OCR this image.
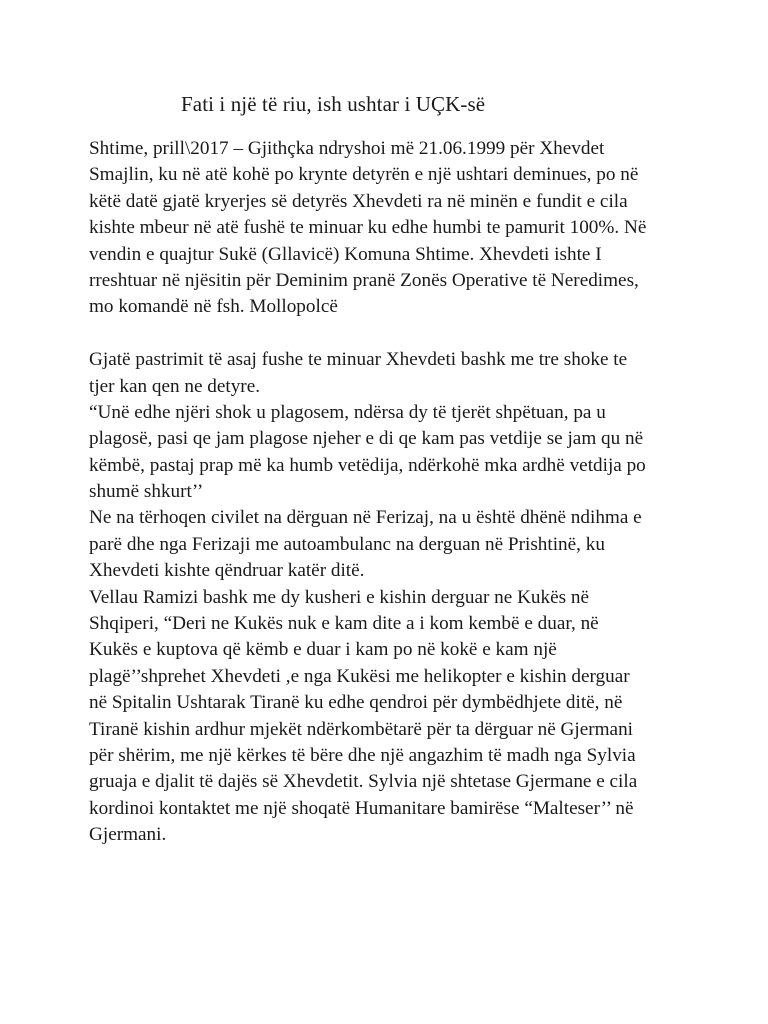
Fati i një të riu, ish ushtar i UÇK-së
Shtime, prill\2017 – Gjithçka ndryshoi më 21.06.1999 për Xhevdet
Smajlin, ku në atë kohë po krynte detyrën e një ushtari deminues, po në
këtë datë gjatë kryerjes së detyrës Xhevdeti ra në minën e fundit e cila
kishte mbeur në atë fushë te minuar ku edhe humbi te pamurit 100%. Në
vendin e quajtur Sukë (Gllavicë) Komuna Shtime. Xhevdeti ishte I
rreshtuar në njësitin për Deminim pranë Zonës Operative të Neredimes,
mo komandë në fsh. Mollopolcë
Gjatë pastrimit të asaj fushe te minuar Xhevdeti bashk me tre shoke te
tjer kan qen ne detyre.
“Unë edhe njëri shok u plagosem, ndërsa dy të tjerët shpëtuan, pa u
plagosë, pasi qe jam plagose njeher e di qe kam pas vetdije se jam qu në
këmbë, pastaj prap më ka humb vetëdija, ndërkohë mka ardhë vetdija po
shumë shkurt’’
Ne na tërhoqen civilet na dërguan në Ferizaj, na u është dhënë ndihma e
parë dhe nga Ferizaji me autoambulanc na derguan në Prishtinë, ku
Xhevdeti kishte qëndruar katër ditë.
Vellau Ramizi bashk me dy kusheri e kishin derguar ne Kukës në
Shqiperi, “Deri ne Kukës nuk e kam dite a i kom kembë e duar, në
Kukës e kuptova që këmb e duar i kam po në kokë e kam një
plagë’’shprehet Xhevdeti ,e nga Kukësi me helikopter e kishin derguar
në Spitalin Ushtarak Tiranë ku edhe qendroi për dymbëdhjete ditë, në
Tiranë kishin ardhur mjekët ndërkombëtarë për ta dërguar në Gjermani
për shërim, me një kërkes të bëre dhe një angazhim të madh nga Sylvia
gruaja e djalit të dajës së Xhevdetit. Sylvia një shtetase Gjermane e cila
kordinoi kontaktet me një shoqatë Humanitare bamirëse “Malteser’’ në
Gjermani.
